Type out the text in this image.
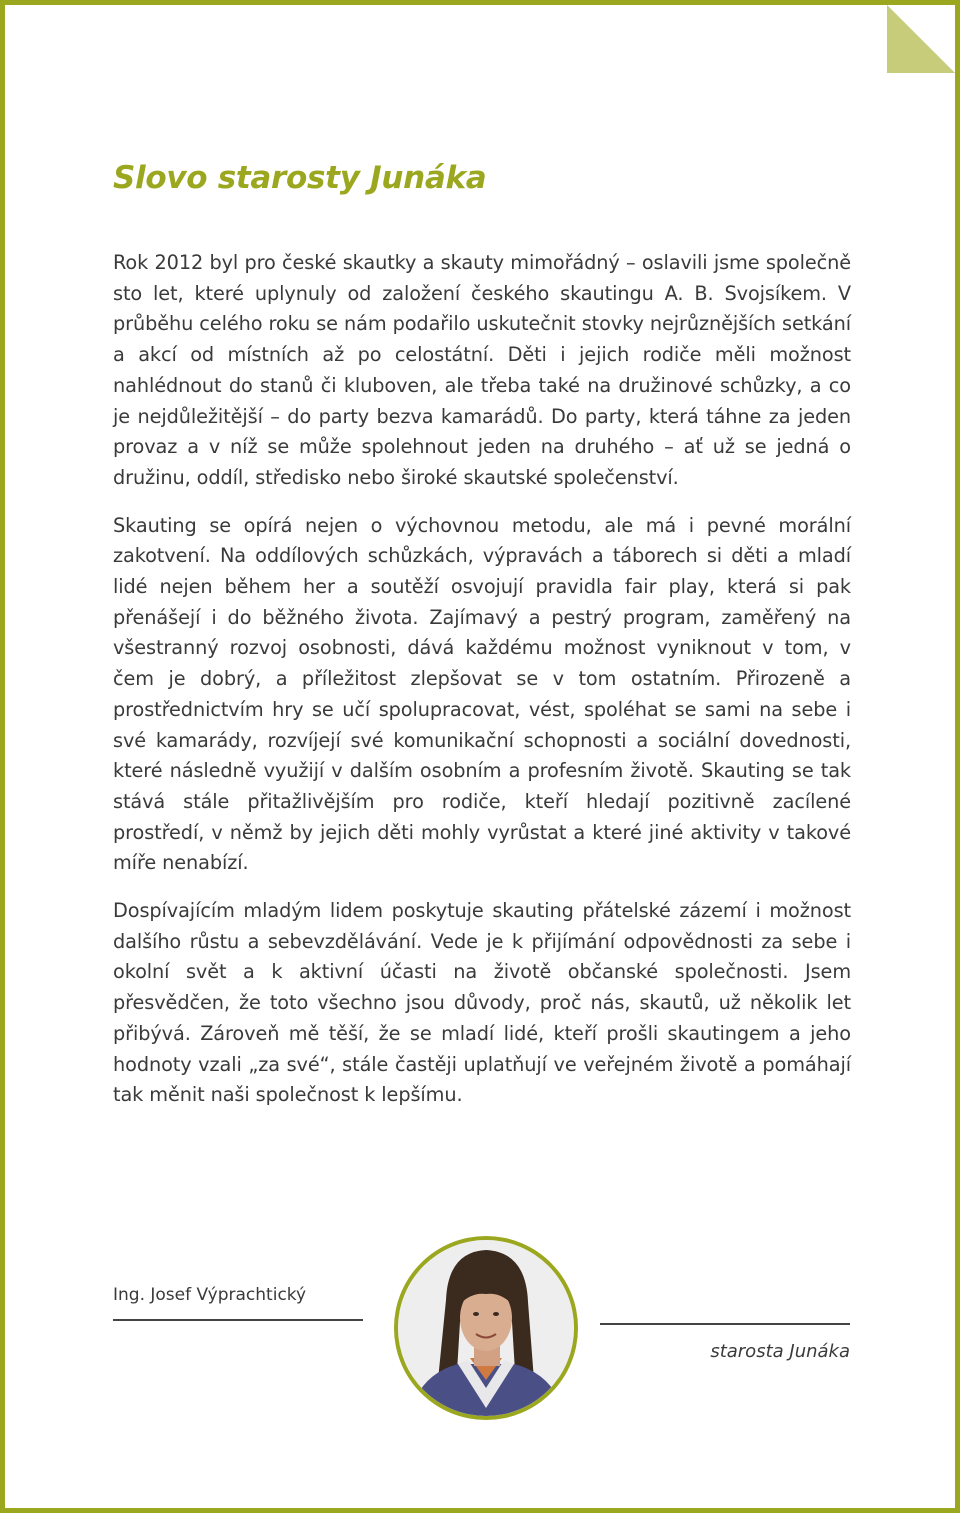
Slovo starosty Junáka

Rok 2012 byl pro české skautky a skauty mimořádný – oslavili jsme společně sto let, které uplynuly od založení českého skautingu A. B. Svojsíkem. V průběhu celého roku se nám podařilo uskutečnit stovky nejrůznějších setkání a akcí od místních až po celostátní. Děti i jejich rodiče měli možnost nahlédnout do stanů či kluboven, ale třeba také na družinové schůzky, a co je nejdůležitější – do party bezva kamarádů. Do party, která táhne za jeden provaz a v níž se může spolehnout jeden na druhého – ať už se jedná o družinu, oddíl, středisko nebo široké skautské společenství.

Skauting se opírá nejen o výchovnou metodu, ale má i pevné morální zakotvení. Na oddílových schůzkách, výpravách a táborech si děti a mladí lidé nejen během her a soutěží osvojují pravidla fair play, která si pak přenášejí i do běžného života. Zajímavý a pestrý program, zaměřený na všestranný rozvoj osobnosti, dává každému možnost vyniknout v tom, v čem je dobrý, a příležitost zlepšovat se v tom ostatním. Přirozeně a prostřednictvím hry se učí spolupracovat, vést, spoléhat se sami na sebe i své kamarády, rozvíjejí své komunikační schopnosti a sociální dovednosti, které následně využijí v dalším osobním a profesním životě. Skauting se tak stává stále přitažlivějším pro rodiče, kteří hledají pozitivně zacílené prostředí, v němž by jejich děti mohly vyrůstat a které jiné aktivity v takové míře nenabízí.

Dospívajícím mladým lidem poskytuje skauting přátelské zázemí i možnost dalšího růstu a sebevzdělávání. Vede je k přijímání odpovědnosti za sebe i okolní svět a k aktivní účasti na životě občanské společnosti. Jsem přesvědčen, že toto všechno jsou důvody, proč nás, skautů, už několik let přibývá. Zároveň mě těší, že se mladí lidé, kteří prošli skautingem a jeho hodnoty vzali „za své“, stále častěji uplatňují ve veřejném životě a pomáhají tak měnit naši společnost k lepšímu.

Ing. Josef Výprachtický
starosta Junáka
